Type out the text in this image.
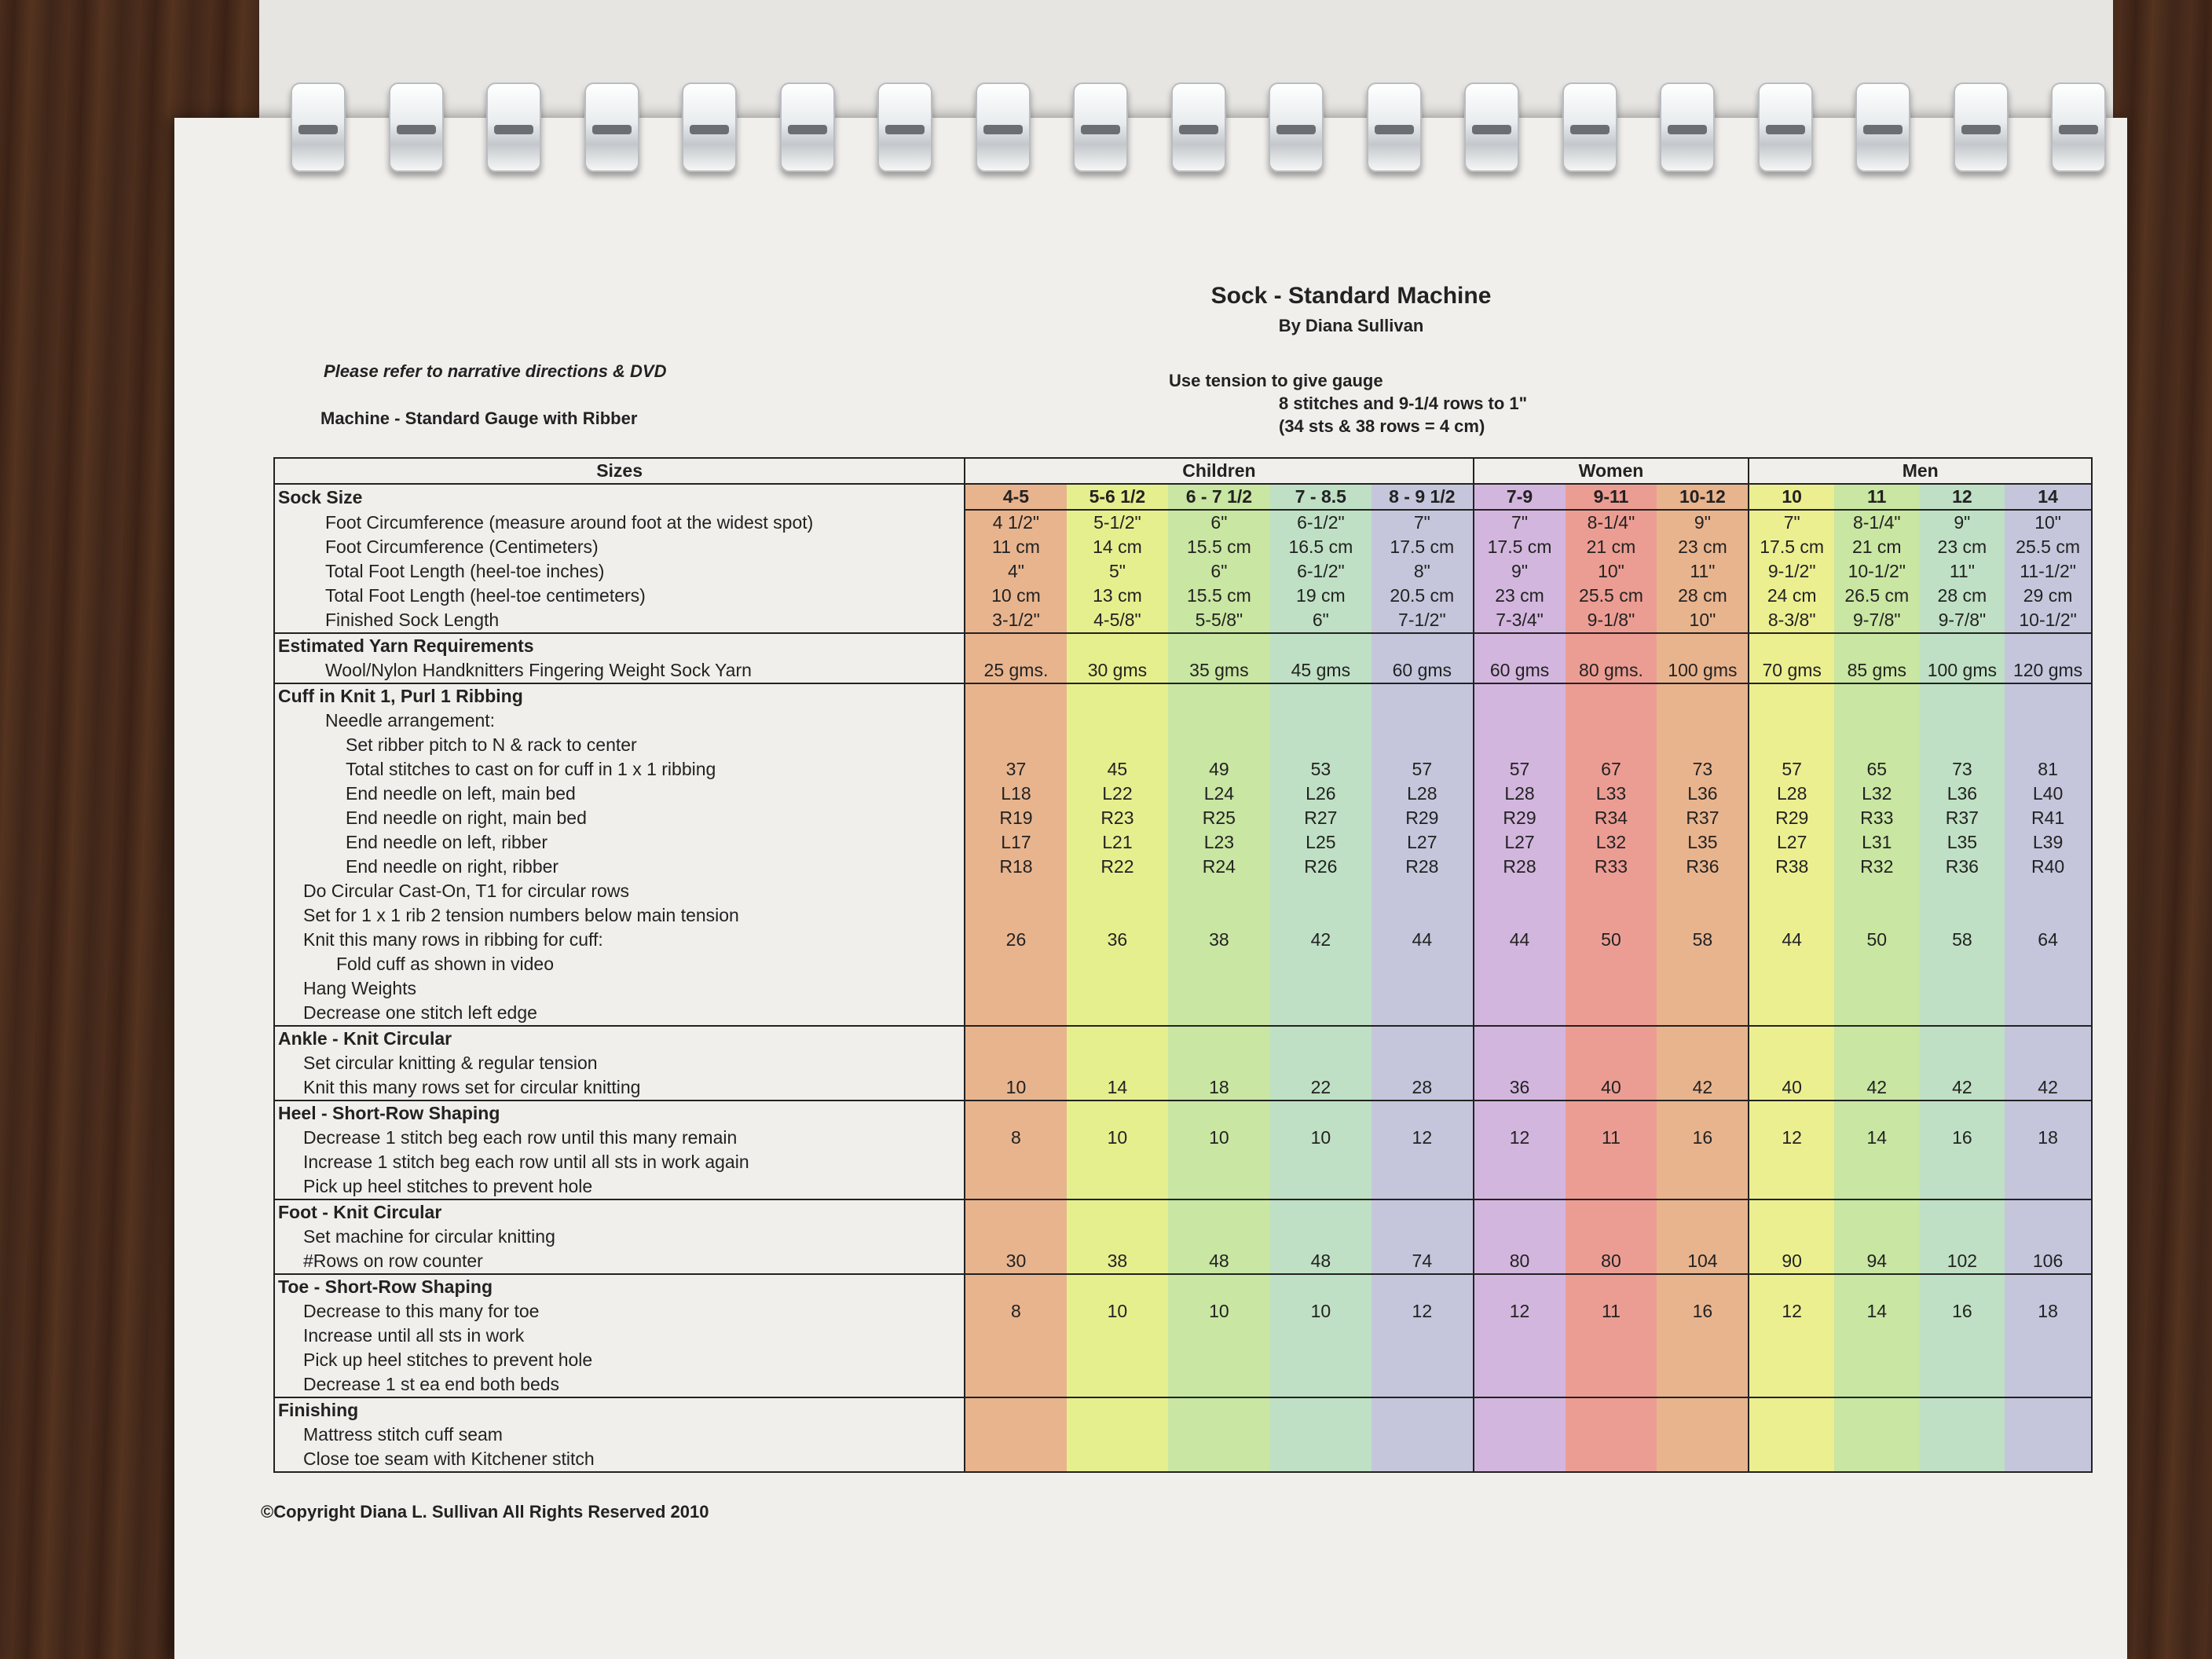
Sock - Standard Machine
By Diana Sullivan
Please refer to narrative directions & DVD
Machine - Standard Gauge with Ribber
Use tension to give gauge
8 stitches and 9-1/4 rows to 1"
(34 sts & 38 rows = 4 cm)
Sizes	Children					Women			Men			
Sock Size	4-5	5-6 1/2	6 - 7 1/2	7 - 8.5	8 - 9 1/2	7-9	9-11	10-12	10	11	12	14
Foot Circumference (measure around foot at the widest spot)	4 1/2"	5-1/2"	6"	6-1/2"	7"	7"	8-1/4"	9"	7"	8-1/4"	9"	10"
Foot Circumference (Centimeters)	11 cm	14 cm	15.5 cm	16.5 cm	17.5 cm	17.5 cm	21 cm	23 cm	17.5 cm	21 cm	23 cm	25.5 cm
Total Foot Length (heel-toe inches)	4"	5"	6"	6-1/2"	8"	9"	10"	11"	9-1/2"	10-1/2"	11"	11-1/2"
Total Foot Length (heel-toe centimeters)	10 cm	13 cm	15.5 cm	19 cm	20.5 cm	23 cm	25.5 cm	28 cm	24 cm	26.5 cm	28 cm	29 cm
Finished Sock Length	3-1/2"	4-5/8"	5-5/8"	6"	7-1/2"	7-3/4"	9-1/8"	10"	8-3/8"	9-7/8"	9-7/8"	10-1/2"
Estimated Yarn Requirements												
Wool/Nylon Handknitters Fingering Weight Sock Yarn	25 gms.	30 gms	35 gms	45 gms	60 gms	60 gms	80 gms.	100 gms	70 gms	85 gms	100 gms	120 gms
Cuff in Knit 1, Purl 1 Ribbing												
Needle arrangement:												
Set ribber pitch to N & rack to center												
Total stitches to cast on for cuff in 1 x 1 ribbing	37	45	49	53	57	57	67	73	57	65	73	81
End needle on left, main bed	L18	L22	L24	L26	L28	L28	L33	L36	L28	L32	L36	L40
End needle on right, main bed	R19	R23	R25	R27	R29	R29	R34	R37	R29	R33	R37	R41
End needle on left, ribber	L17	L21	L23	L25	L27	L27	L32	L35	L27	L31	L35	L39
End needle on right, ribber	R18	R22	R24	R26	R28	R28	R33	R36	R38	R32	R36	R40
Do Circular Cast-On, T1 for circular rows												
Set for 1 x 1 rib 2 tension numbers below main tension												
Knit this many rows in ribbing for cuff:	26	36	38	42	44	44	50	58	44	50	58	64
Fold cuff as shown in video												
Hang Weights												
Decrease one stitch left edge												
Ankle - Knit Circular												
Set circular knitting & regular tension												
Knit this many rows set for circular knitting	10	14	18	22	28	36	40	42	40	42	42	42
Heel - Short-Row Shaping												
Decrease 1 stitch beg each row until this many remain	8	10	10	10	12	12	11	16	12	14	16	18
Increase 1 stitch beg each row until all sts in work again												
Pick up heel stitches to prevent hole												
Foot - Knit Circular												
Set machine for circular knitting												
#Rows on row counter	30	38	48	48	74	80	80	104	90	94	102	106
Toe - Short-Row Shaping												
Decrease to this many for toe	8	10	10	10	12	12	11	16	12	14	16	18
Increase until all sts in work												
Pick up heel stitches to prevent hole												
Decrease 1 st ea end both beds												
Finishing												
Mattress stitch cuff seam												
Close toe seam with Kitchener stitch												
©Copyright Diana L. Sullivan All Rights Reserved 2010
